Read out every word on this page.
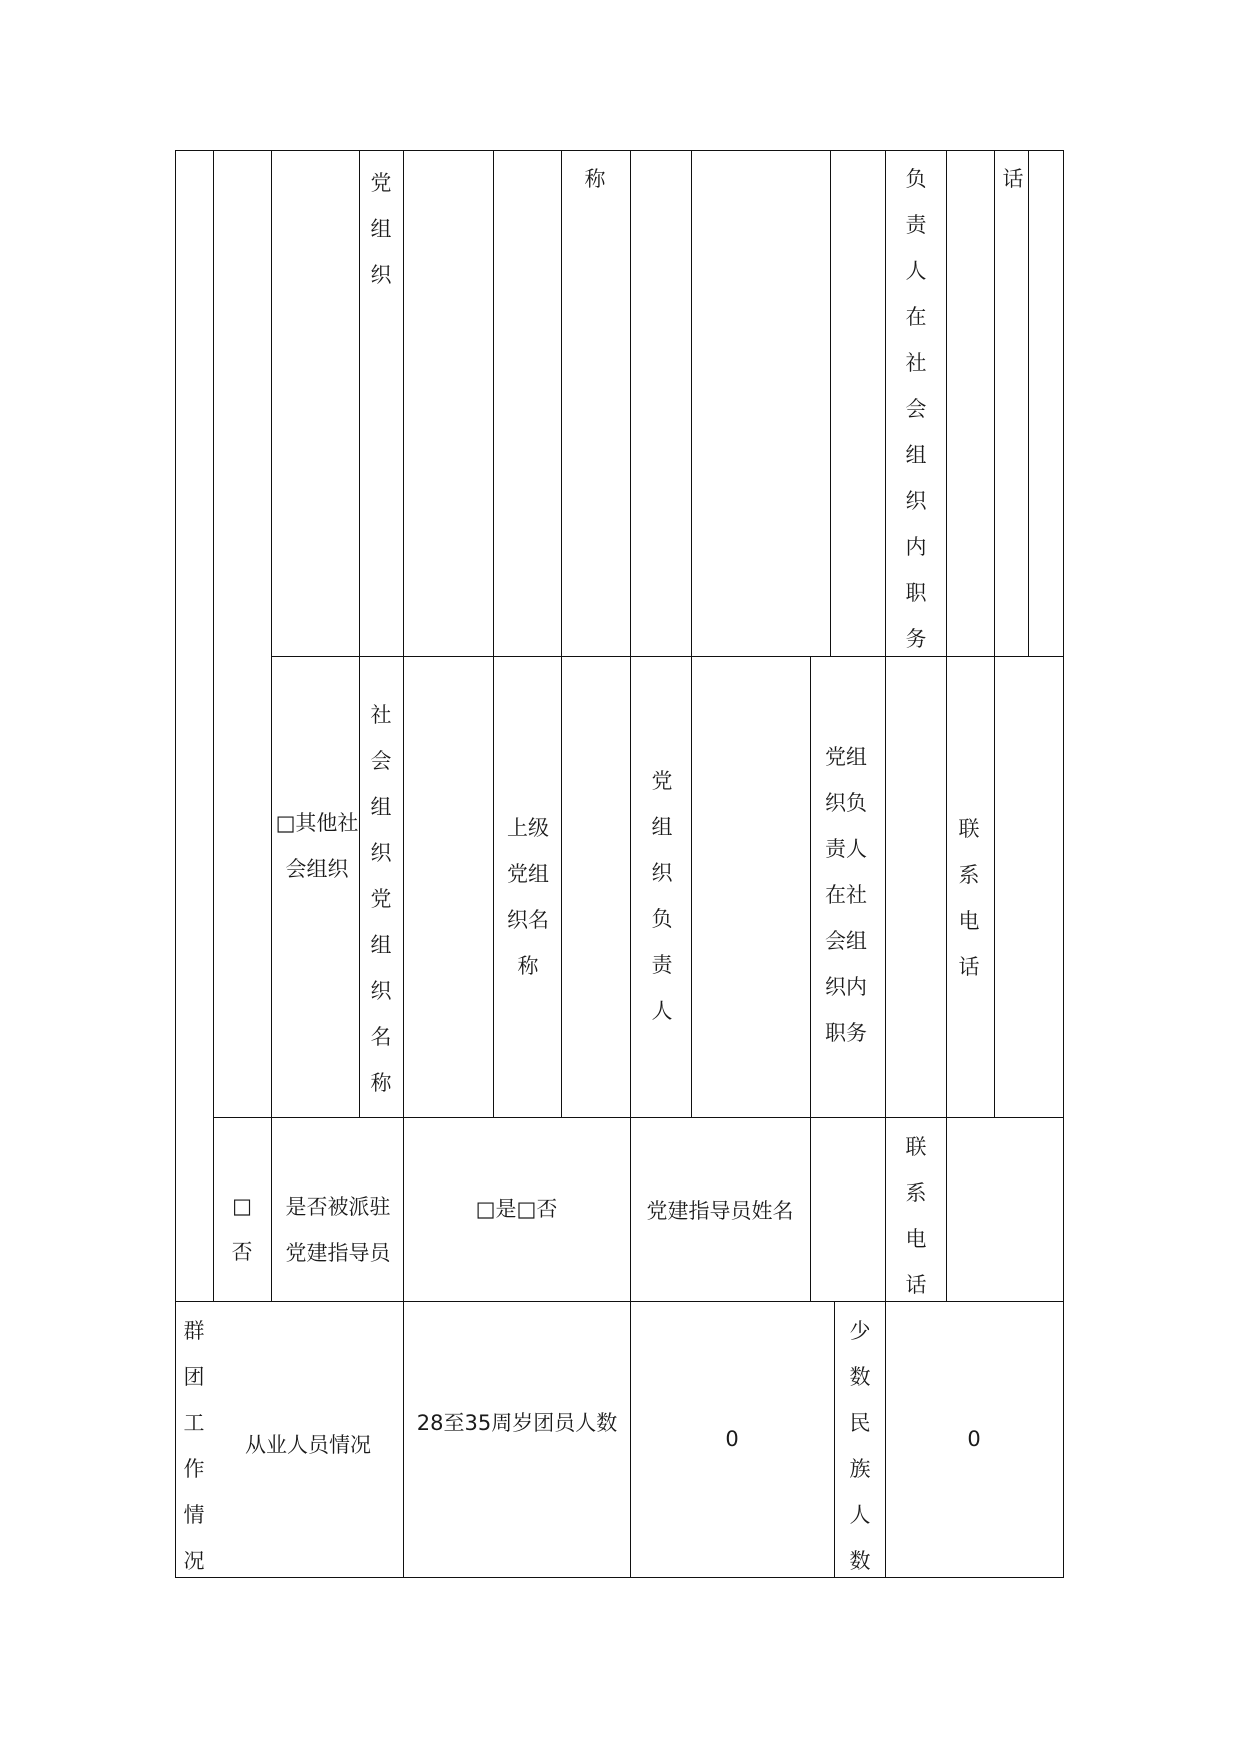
党组织
称	负责人在社会组织内职务
话
□其他社会组织
社会组织党组织名称
上级党组织名称
党组织负责人
党组织负责人在社会组织内职务
联系电话
□否
是否被派驻党建指导员
□是□否	党建指导员姓名
联系电话
群团工作情况
从业人员情况
28至35周岁团员人数
0
少数民族人数
0
